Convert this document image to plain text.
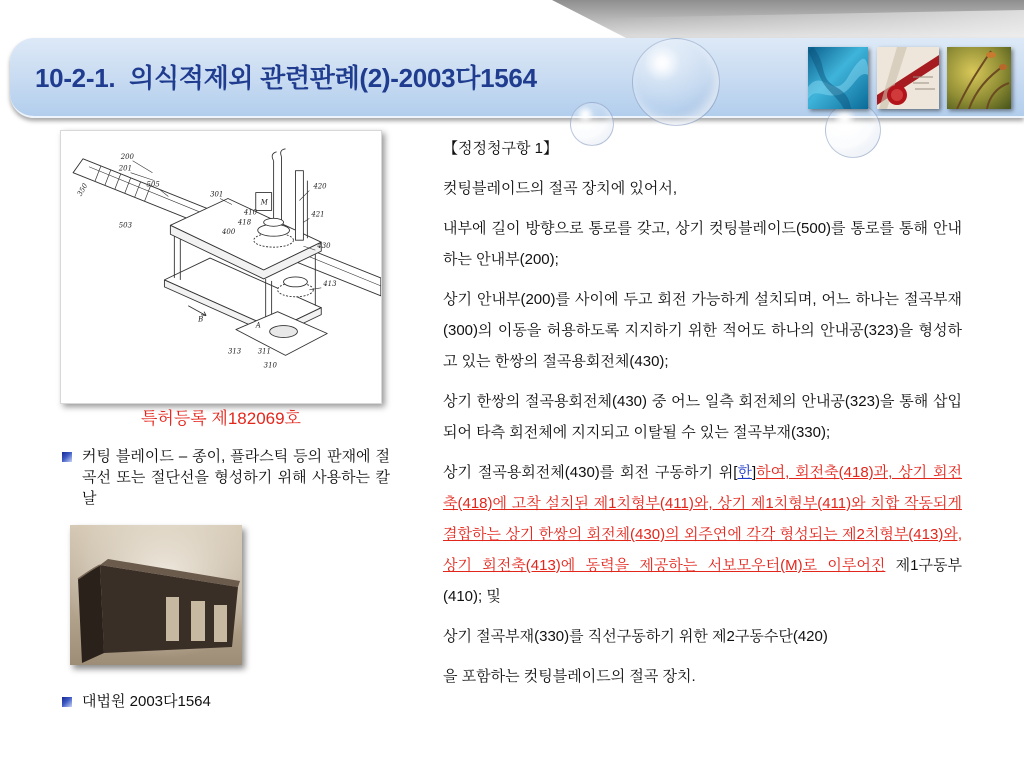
10-2-1.  의식적제외 관련판례(2)-2003다1564
200
201
350	505
503
301
400
410
M
418
420
421
430
413
B
A
313 311
310
특허등록 제182069호
커팅 블레이드 – 종이, 플라스틱 등의 판재에 절곡선 또는 절단선을 형성하기 위해 사용하는 칼날
대법원 2003다1564

【정정청구항 1】

컷팅블레이드의 절곡 장치에 있어서,

내부에 길이 방향으로 통로를 갖고, 상기 컷팅블레이드(500)를 통로를 통해 안내하는 안내부(200);

상기 안내부(200)를 사이에 두고 회전 가능하게 설치되며, 어느 하나는 절곡부재(300)의 이동을 허용하도록 지지하기 위한 적어도 하나의 안내공(323)을 형성하고 있는 한쌍의 절곡용회전체(430);

상기 한쌍의 절곡용회전체(430) 중 어느 일측 회전체의 안내공(323)을 통해 삽입되어 타측 회전체에 지지되고 이탈될 수 있는 절곡부재(330);

상기 절곡용회전체(430)를 회전 구동하기 위[한]하여, 회전축(418)과, 상기 회전축(418)에 고착 설치된 제1치형부(411)와, 상기 제1치형부(411)와 치합 작동되게 결합하는 상기 한쌍의 회전체(430)의 외주연에 각각 형성되는 제2치형부(413)와, 상기 회전축(413)에 동력을 제공하는 서보모우터(M)로 이루어진 제1구동부(410); 및

상기 절곡부재(330)를 직선구동하기 위한 제2구동수단(420)

을 포함하는 컷팅블레이드의 절곡 장치.
